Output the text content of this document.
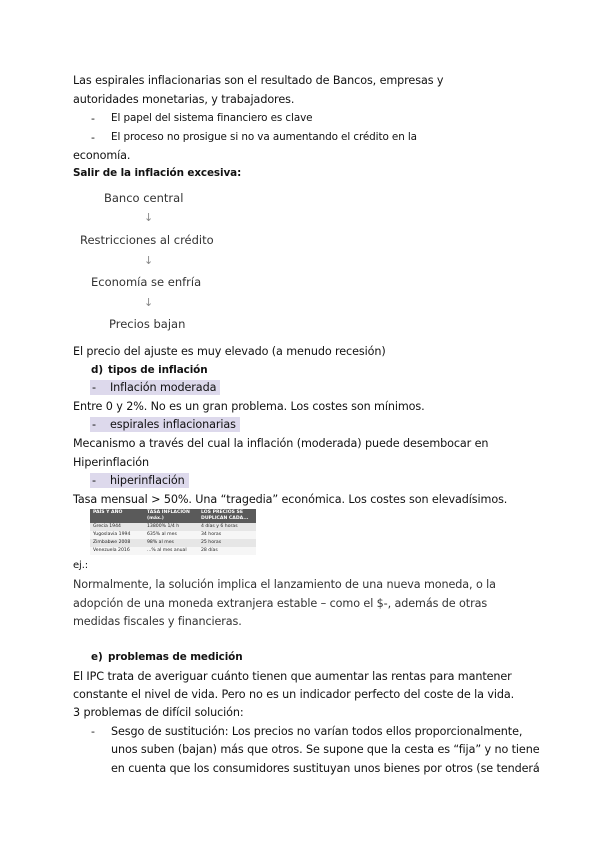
Las espirales inflacionarias son el resultado de Bancos, empresas y
autoridades monetarias, y trabajadores.
- El papel del sistema financiero es clave
- El proceso no prosigue si no va aumentando el crédito en la
economía.
Salir de la inflación excesiva:
Banco central
↓
Restricciones al crédito
↓
Economía se enfría
↓
Precios bajan
El precio del ajuste es muy elevado (a menudo recesión)
d) tipos de inflación
- Inflación moderada
Entre 0 y 2%. No es un gran problema. Los costes son mínimos.
- espirales inflacionarias
Mecanismo a través del cual la inflación (moderada) puede desembocar en
Hiperinflación
- hiperinflación
Tasa mensual > 50%. Una “tragedia” económica. Los costes son elevadísimos.
PAÍS Y AÑO	TASA INFLACIÓN (máx.)	LOS PRECIOS SE DUPLICAN CADA...
Grecia 1944	13800% 1/4 h	4 días y 6 horas
Yugoslavia 1994	635% al mes	34 horas
Zimbabwe 2008	98% al mes	25 horas
Venezuela 2016	...% al mes anual	28 días
ej.:
Normalmente, la solución implica el lanzamiento de una nueva moneda, o la
adopción de una moneda extranjera estable – como el $-, además de otras
medidas fiscales y financieras.
e) problemas de medición
El IPC trata de averiguar cuánto tienen que aumentar las rentas para mantener
constante el nivel de vida. Pero no es un indicador perfecto del coste de la vida.
3 problemas de difícil solución:
- Sesgo de sustitución: Los precios no varían todos ellos proporcionalmente,
unos suben (bajan) más que otros. Se supone que la cesta es “fija” y no tiene
en cuenta que los consumidores sustituyan unos bienes por otros (se tenderá
